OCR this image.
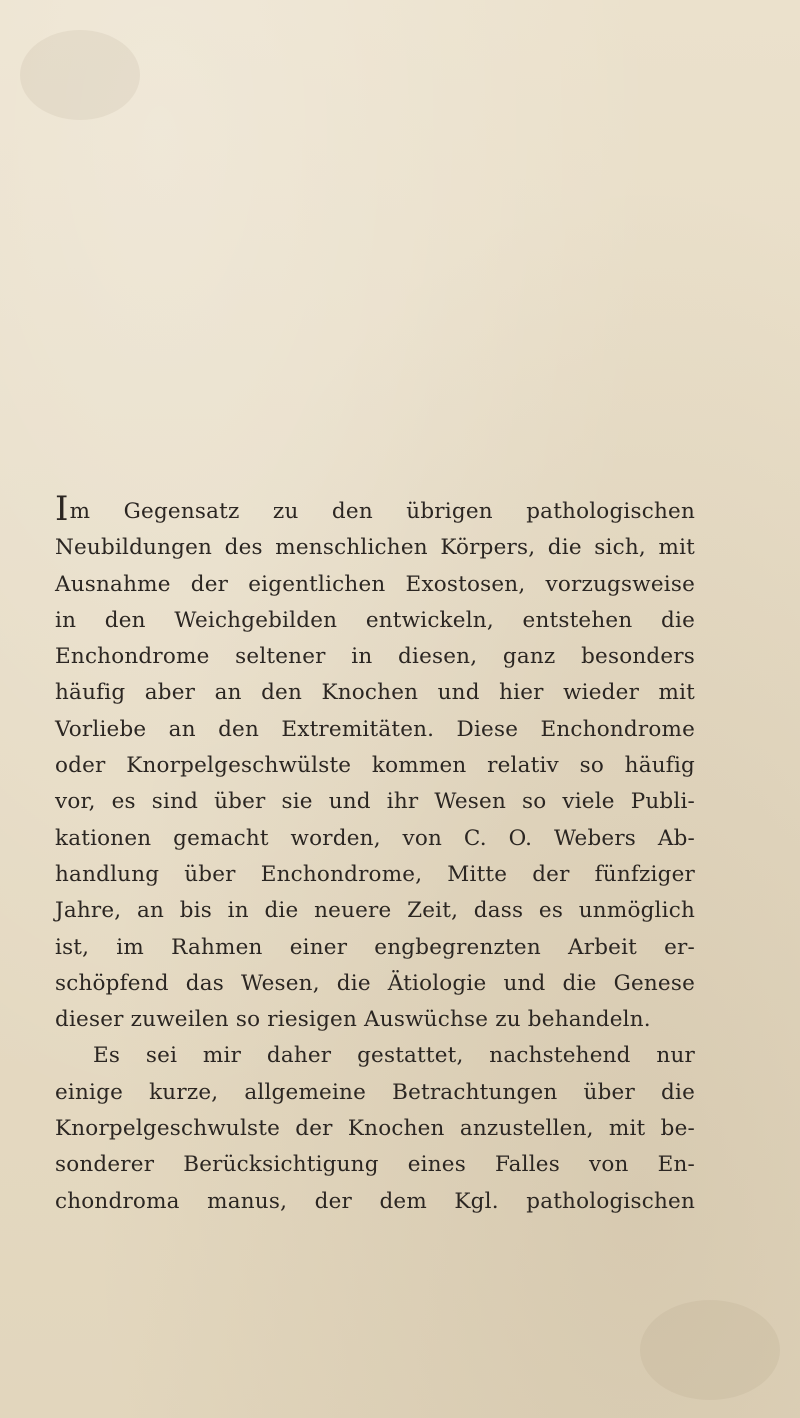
Im Gegensatz zu den übrigen pathologischen
Neubildungen des menschlichen Körpers, die sich, mit
Ausnahme der eigentlichen Exostosen, vorzugsweise
in den Weichgebilden entwickeln, entstehen die
Enchondrome seltener in diesen, ganz besonders
häufig aber an den Knochen und hier wieder mit
Vorliebe an den Extremitäten. Diese Enchondrome
oder Knorpelgeschwülste kommen relativ so häufig
vor, es sind über sie und ihr Wesen so viele Publi-
kationen gemacht worden, von C. O. Webers Ab-
handlung über Enchondrome, Mitte der fünfziger
Jahre, an bis in die neuere Zeit, dass es unmöglich
ist, im Rahmen einer engbegrenzten Arbeit er-
schöpfend das Wesen, die Ätiologie und die Genese
dieser zuweilen so riesigen Auswüchse zu behandeln.
Es sei mir daher gestattet, nachstehend nur
einige kurze, allgemeine Betrachtungen über die
Knorpelgeschwulste der Knochen anzustellen, mit be-
sonderer Berücksichtigung eines Falles von En-
chondroma manus, der dem Kgl. pathologischen
